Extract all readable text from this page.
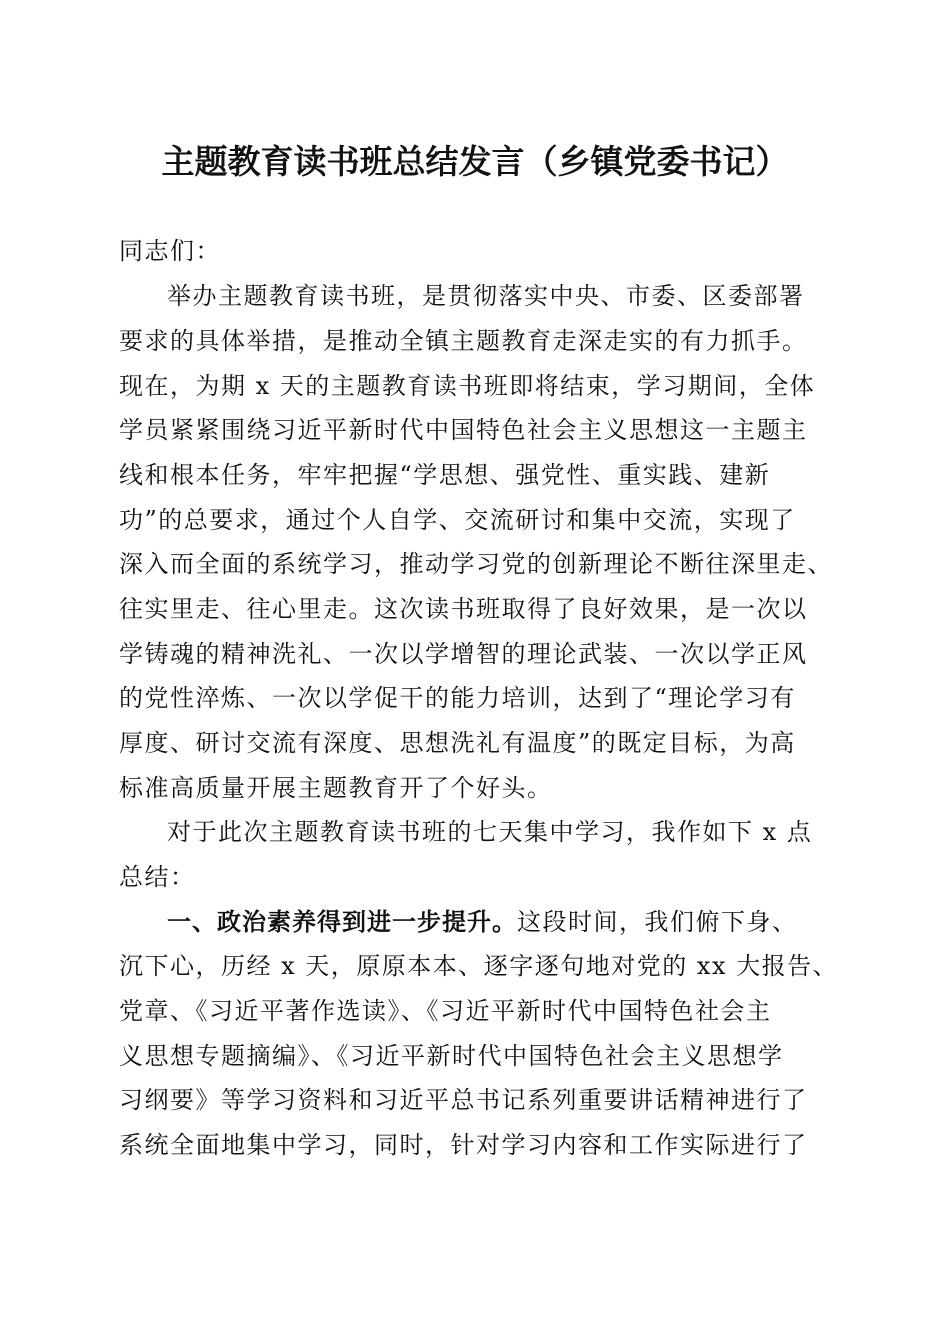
主题教育读书班总结发言（乡镇党委书记）

同志们：

举办主题教育读书班，是贯彻落实中央、市委、区委部署

要求的具体举措，是推动全镇主题教育走深走实的有力抓手。

现在，为期 x 天的主题教育读书班即将结束，学习期间，全体

学员紧紧围绕习近平新时代中国特色社会主义思想这一主题主

线和根本任务，牢牢把握“学思想、强党性、重实践、建新

功”的总要求，通过个人自学、交流研讨和集中交流，实现了

深入而全面的系统学习，推动学习党的创新理论不断往深里走、

往实里走、往心里走。这次读书班取得了良好效果，是一次以

学铸魂的精神洗礼、一次以学增智的理论武装、一次以学正风

的党性淬炼、一次以学促干的能力培训，达到了“理论学习有

厚度、研讨交流有深度、思想洗礼有温度”的既定目标，为高

标准高质量开展主题教育开了个好头。

对于此次主题教育读书班的七天集中学习，我作如下 x 点

总结：

一、政治素养得到进一步提升。这段时间，我们俯下身、

沉下心，历经 x 天，原原本本、逐字逐句地对党的 xx 大报告、

党章、《习近平著作选读》、《习近平新时代中国特色社会主

义思想专题摘编》、《习近平新时代中国特色社会主义思想学

习纲要》等学习资料和习近平总书记系列重要讲话精神进行了

系统全面地集中学习，同时，针对学习内容和工作实际进行了
